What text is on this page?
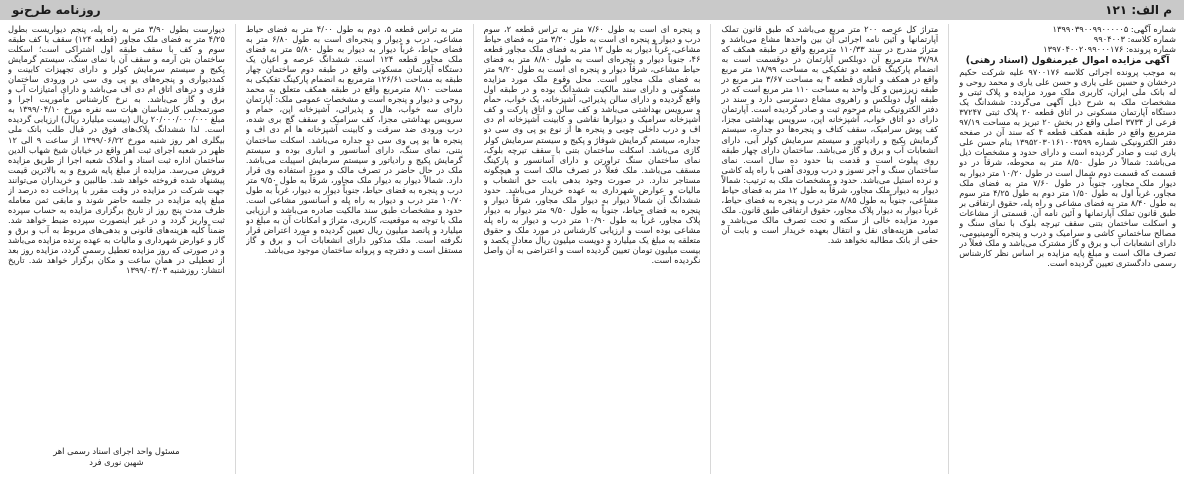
م الف: ۱۲۱
روزنامه طرح‌نو
شماره آگهی: ۱۳۹۹۰۳۹۰۰۹۹۰۰۰۰۰۵
شماره کلاسه: ۹۹۰۴۰۰۳
شماره پرونده: ۱۳۹۷۰۴۰۰۲۰۹۹۰۰۰۱۷۶
آگهی مزایده اموال غیرمنقول (اسناد رهنی)

به موجب پرونده اجرائی کلاسه ۹۷۰۰۱۷۶ علیه شرکت حکیم درخشان و حسین علی یاری و حسن علی یاری و محمد روحی و له بانک ملی ایران، کاربری ملک مورد مزایده و پلاک ثبتی و مشخصات ملک به شرح ذیل آگهی می‌گردد: ششدانگ یک دستگاه آپارتمان مسکونی در اتاق قطعه ۲۰ پلاک ثبتی ۳۷۲۴۷ فرعی از ۳۷۳۴ اصلی واقع در بخش ۲۰ تبریز به مساحت ۹۷/۱۹ مترمربع واقع در طبقه همکف قطعه ۴ که سند آن در صفحه دفتر الکترونیکی شماره ۱۳۹۵۲۰۳۰۱۶۱۰۰۳۵۹۹ بنام حسن علی یاری ثبت و صادر گردیده است و دارای حدود و مشخصات ذیل می‌باشد: شمالاً در طول ۸/۵۰ متر به محوطه، شرقاً در دو قسمت که قسمت دوم شمال است در طول ۱۰/۲۰ متر دیوار به دیوار ملک مجاور، جنوباً در طول ۷/۶۰ متر به فضای ملک مجاور، غرباً اول به طول ۱/۵۰ متر دوم به طول ۴/۲۵ متر سوم به طول ۸/۴۰ متر به فضای مشاعی و راه پله، حقوق ارتفاقی بر طبق قانون تملک آپارتمانها و آئین نامه آن. قسمتی از مشاعات و اسکلت ساختمان بتنی سقف تیرچه بلوک با نمای سنگ و مصالح ساختمانی کاشی و سرامیک و درب و پنجره آلومینیومی، دارای انشعابات آب و برق و گاز مشترک می‌باشد و ملک فعلاً در تصرف مالک است و مبلغ پایه مزایده بر اساس نظر کارشناس رسمی دادگستری تعیین گردیده است.

متراژ کل عرصه ۲۰۰ متر مربع می‌باشد که طبق قانون تملک آپارتمانها و آئین نامه اجرائی آن بین واحدها مشاع می‌باشد و متراژ مندرج در سند ۱۱۰/۳۳ مترمربع واقع در طبقه همکف که ۳۷/۹۸ مترمربع آن دوبلکس آپارتمان در دوقسمت است به انضمام پارکینگ قطعه دو تفکیکی به مساحت ۱۸/۹۹ متر مربع واقع در همکف و انباری قطعه ۴ به مساحت ۳/۶۷ متر مربع در طبقه زیرزمین و کل واحد به مساحت ۱۱۰ متر مربع است که در طبقه اول دوبلکس و راهروی مشاع دسترسی دارد و سند در دفتر الکترونیکی بنام مرحوم ثبت و صادر گردیده است. آپارتمان دارای دو اتاق خواب، آشپزخانه اپن، سرویس بهداشتی مجزا، کف پوش سرامیک، سقف کناف و پنجره‌ها دو جداره، سیستم گرمایش پکیج و رادیاتور و سیستم سرمایش کولر آبی، دارای انشعابات آب و برق و گاز می‌باشد. ساختمان دارای چهار طبقه روی پیلوت است و قدمت بنا حدود ده سال است. نمای ساختمان سنگ و آجر نسوز و درب ورودی آهنی با راه پله کاشی و نرده استیل می‌باشد. حدود و مشخصات ملک به ترتیب: شمالاً دیوار به دیوار ملک مجاور، شرقاً به طول ۱۲ متر به فضای حیاط مشاعی، جنوباً به طول ۸/۸۵ متر درب و پنجره به فضای حیاط، غرباً دیوار به دیوار پلاک مجاور، حقوق ارتفاقی طبق قانون. ملک مورد مزایده خالی از سکنه و تحت تصرف مالک می‌باشد و تمامی هزینه‌های نقل و انتقال بعهده خریدار است و بابت آن حقی از بانک مطالبه نخواهد شد.

و پنجره ای است به طول ۷/۶۰ متر به تراس قطعه ۲، سوم درب و دیوار و پنجره ای است به طول ۳/۲۰ متر به فضای حیاط مشاعی، غرباً دیوار به طول ۱۲ متر به فضای ملک مجاور قطعه ۴۶، جنوباً دیوار و پنجره‌ای است به طول ۸/۸۰ متر به فضای حیاط مشاعی، شرقاً دیوار و پنجره ای است به طول ۹/۲۰ متر به فضای ملک مجاور است. محل وقوع ملک مورد مزایده مسکونی و دارای سند مالکیت ششدانگ بوده و در طبقه اول واقع گردیده و دارای سالن پذیرائی، آشپزخانه، یک خواب، حمام و سرویس بهداشتی می‌باشد و کف سالن و اتاق پارکت و کف آشپزخانه سرامیک و دیوارها نقاشی و کابینت آشپزخانه ام دی اف و درب داخلی چوبی و پنجره ها از نوع یو پی وی سی دو جداره، سیستم گرمایش شوفاژ و پکیج و سیستم سرمایش کولر گازی می‌باشد. اسکلت ساختمان بتنی با سقف تیرچه بلوک، نمای ساختمان سنگ تراورتن و دارای آسانسور و پارکینگ مسقف می‌باشد. ملک فعلاً در تصرف مالک است و هیچگونه مستاجر ندارد. در صورت وجود بدهی بابت حق انشعاب و مالیات و عوارض شهرداری به عهده خریدار می‌باشد. حدود ششدانگ آن شمالاً دیوار به دیوار ملک مجاور، شرقاً دیوار و پنجره به فضای حیاط، جنوباً به طول ۹/۵۰ متر دیوار به دیوار پلاک مجاور، غرباً به طول ۱۰/۹۰ متر درب و دیوار به راه پله مشاعی بوده است و ارزیابی کارشناس در مورد ملک و حقوق متعلقه به مبلغ یک میلیارد و دویست میلیون ریال معادل یکصد و بیست میلیون تومان تعیین گردیده است و اعتراضی به آن واصل نگردیده است.

متر به تراس قطعه ۵، دوم به طول ۴/۰۰ متر به فضای حیاط مشاعی، درب و دیوار و پنجره‌ای است به طول ۶/۸۰ متر به فضای حیاط، غرباً دیوار به دیوار به طول ۵/۸۰ متر به فضای ملک مجاور قطعه ۱۲۴ است. ششدانگ عرصه و اعیان یک دستگاه آپارتمان مسکونی واقع در طبقه دوم ساختمان چهار طبقه به مساحت ۱۲۶/۶۱ مترمربع به انضمام پارکینگ تفکیکی به مساحت ۸/۱۰ مترمربع واقع در طبقه همکف متعلق به محمد روحی و دیوار و پنجره است و مشخصات عمومی ملک: آپارتمان دارای سه خواب، هال و پذیرائی، آشپزخانه اپن، حمام و سرویس بهداشتی مجزا، کف سرامیک و سقف گچ بری شده، درب ورودی ضد سرقت و کابینت آشپزخانه ها ام دی اف و پنجره ها یو پی وی سی دو جداره می‌باشد. اسکلت ساختمان بتنی، نمای سنگ، دارای آسانسور و انباری بوده و سیستم گرمایش پکیج و رادیاتور و سیستم سرمایش اسپیلت می‌باشد. ملک در حال حاضر در تصرف مالک و مورد استفاده وی قرار دارد. شمالاً دیوار به دیوار ملک مجاور، شرقاً به طول ۹/۵۰ متر درب و پنجره به فضای حیاط، جنوباً دیوار به دیوار، غرباً به طول ۱۰/۷۰ متر درب و دیوار به راه پله و آسانسور مشاعی است. حدود و مشخصات طبق سند مالکیت صادره می‌باشد و ارزیابی ملک با توجه به موقعیت، کاربری، متراژ و امکانات آن به مبلغ دو میلیارد و پانصد میلیون ریال تعیین گردیده و مورد اعتراض قرار نگرفته است. ملک مذکور دارای انشعابات آب و برق و گاز مستقل است و دفترچه و پروانه ساختمان موجود می‌باشد.

دیوارست بطول ۳/۹۰ متر به راه پله، پنجم دیواریست بطول ۴/۲۵ متر به فضای ملک مجاور (قطعه ۱۲۴) سقف با کف طبقه سوم و کف با سقف طبقه اول اشتراکی است؛ اسکلت ساختمان بتن آرمه و سقف آن با نمای سنگ، سیستم گرمایش پکیج و سیستم سرمایش کولر و دارای تجهیزات کابینت و کمددیواری و پنجره‌های یو پی وی سی در ورودی ساختمان فلزی و درهای اتاق ام دی اف می‌باشد و دارای امتیازات آب و برق و گاز می‌باشد. به نرخ کارشناس مأموریت اجرا و صورتمجلس کارشناسان هیات سه نفره مورخ ۱۳۹۹/۰۴/۱۰ به مبلغ ۲۰/۰۰۰/۰۰۰/۰۰۰ ریال (بیست میلیارد ریال) ارزیابی گردیده است. لذا ششدانگ پلاک‌های فوق در قبال طلب بانک ملی بیگلری اهر روز شنبه مورخ ۱۳۹۹/۰۶/۲۲ از ساعت ۹ الی ۱۲ ظهر در شعبه اجرای ثبت اهر واقع در خیابان شیخ شهاب الدین ساختمان اداره ثبت اسناد و املاک شعبه اجرا از طریق مزایده فروش می‌رسد. مزایده از مبلغ پایه شروع و به بالاترین قیمت پیشنهاد شده فروخته خواهد شد. طالبین و خریداران می‌توانند جهت شرکت در مزایده در وقت مقرر با پرداخت ده درصد از مبلغ پایه مزایده در جلسه حاضر شوند و مابقی ثمن معامله ظرف مدت پنج روز از تاریخ برگزاری مزایده به حساب سپرده ثبت واریز گردد و در غیر اینصورت سپرده ضبط خواهد شد. ضمناً کلیه هزینه‌های قانونی و بدهی‌های مربوط به آب و برق و گاز و عوارض شهرداری و مالیات به عهده برنده مزایده می‌باشد و در صورتی که روز مزایده تعطیل رسمی گردد، مزایده روز بعد از تعطیلی در همان ساعت و مکان برگزار خواهد شد. تاریخ انتشار: روزشنبه ۱۳۹۹/۰۳/۰۳

مسئول واحد اجرای اسناد رسمی اهر
شهین نوری فرد
